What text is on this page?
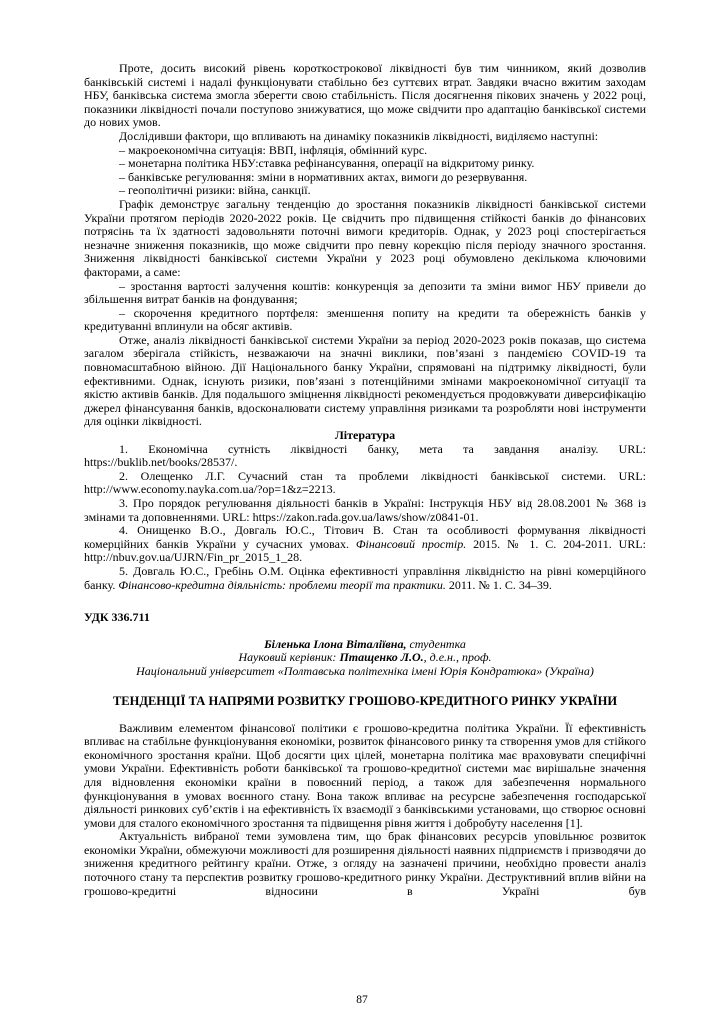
Проте, досить високий рівень короткострокової ліквідності був тим чинником, який дозволив банківській системі і надалі функціонувати стабільно без суттєвих втрат. Завдяки вчасно вжитим заходам НБУ, банківська система змогла зберегти свою стабільність. Після досягнення пікових значень у 2022 році, показники ліквідності почали поступово знижуватися, що може свідчити про адаптацію банківської системи до нових умов.

Дослідивши фактори, що впливають на динаміку показників ліквідності, виділяємо наступні:

– макроекономічна ситуація: ВВП, інфляція, обмінний курс.

– монетарна політика НБУ:ставка рефінансування, операції на відкритому ринку.

– банківське регулювання: зміни в нормативних актах, вимоги до резервування.

– геополітичні ризики: війна, санкції.

Графік демонструє загальну тенденцію до зростання показників ліквідності банківської системи України протягом періодів 2020-2022 років. Це свідчить про підвищення стійкості банків до фінансових потрясінь та їх здатності задовольняти поточні вимоги кредиторів. Однак, у 2023 році спостерігається незначне зниження показників, що може свідчити про певну корекцію після періоду значного зростання. Зниження ліквідності банківської системи України у 2023 році обумовлено декількома ключовими факторами, а саме:

– зростання вартості залучення коштів: конкуренція за депозити та зміни вимог НБУ привели до збільшення витрат банків на фондування;

– скорочення кредитного портфеля: зменшення попиту на кредити та обережність банків у кредитуванні вплинули на обсяг активів.

Отже, аналіз ліквідності банківської системи України за період 2020-2023 років показав, що система загалом зберігала стійкість, незважаючи на значні виклики, пов’язані з пандемією COVID-19 та повномасштабною війною. Дії Національного банку України, спрямовані на підтримку ліквідності, були ефективними. Однак, існують ризики, пов’язані з потенційними змінами макроекономічної ситуації та якістю активів банків. Для подальшого зміцнення ліквідності рекомендується продовжувати диверсифікацію джерел фінансування банків, вдосконалювати систему управління ризиками та розробляти нові інструменти для оцінки ліквідності.

Література

1. Економічна сутність ліквідності банку, мета та завдання аналізу. URL: https://buklib.net/books/28537/.

2. Олещенко Л.Г. Сучасний стан та проблеми ліквідності банківської системи. URL: http://www.economy.nayka.com.ua/?op=1&z=2213.

3. Про порядок регулювання діяльності банків в Україні: Інструкція НБУ від 28.08.2001 № 368 із змінами та доповненнями. URL: https://zakon.rada.gov.ua/laws/show/z0841-01.

4. Онищенко В.О., Довгаль Ю.С., Тітович В. Стан та особливості формування ліквідності комерційних банків України у сучасних умовах. Фінансовий простір. 2015. № 1. С. 204-2011. URL: http://nbuv.gov.ua/UJRN/Fin_pr_2015_1_28.

5. Довгаль Ю.С., Гребінь О.М. Оцінка ефективності управління ліквідністю на рівні комерційного банку. Фінансово-кредитна діяльність: проблеми теорії та практики. 2011. № 1. С. 34–39.

УДК 336.711

Біленька Ілона Віталіївна, студентка

Науковий керівник: Птащенко Л.О., д.е.н., проф.

Національний університет «Полтавська політехніка імені Юрія Кондратюка» (Україна)

ТЕНДЕНЦІЇ ТА НАПРЯМИ РОЗВИТКУ ГРОШОВО-КРЕДИТНОГО РИНКУ УКРАЇНИ

Важливим елементом фінансової політики є грошово-кредитна політика України. Її ефективність впливає на стабільне функціонування економіки, розвиток фінансового ринку та створення умов для стійкого економічного зростання країни. Щоб досягти цих цілей, монетарна політика має враховувати специфічні умови України. Ефективність роботи банківської та грошово-кредитної системи має вирішальне значення для відновлення економіки країни в повоєнний період, а також для забезпечення нормального функціонування в умовах воєнного стану. Вона також впливає на ресурсне забезпечення господарської діяльності ринкових суб’єктів і на ефективність їх взаємодії з банківськими установами, що створює основні умови для сталого економічного зростання та підвищення рівня життя і добробуту населення [1].

Актуальність вибраної теми зумовлена тим, що брак фінансових ресурсів уповільнює розвиток економіки України, обмежуючи можливості для розширення діяльності наявних підприємств і призводячи до зниження кредитного рейтингу країни. Отже, з огляду на зазначені причини, необхідно провести аналіз поточного стану та перспектив розвитку грошово-кредитного ринку України. Деструктивний вплив війни на грошово-кредитні відносини в Україні був

87
